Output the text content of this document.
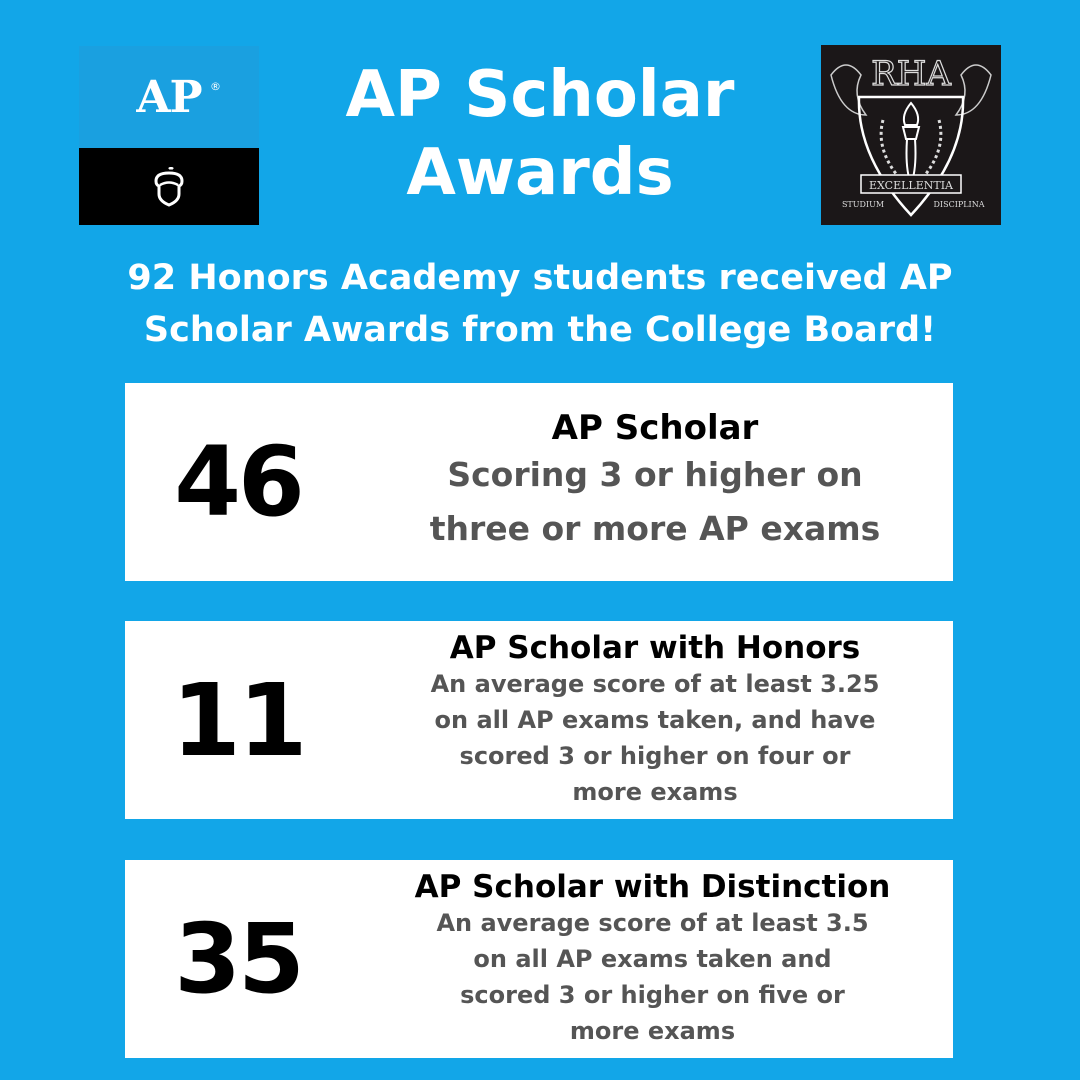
AP ®	AP Scholar Awards
RHA
EXCELLENTIA
STUDIUM	DISCIPLINA
92 Honors Academy students received AP
Scholar Awards from the College Board!
46	AP Scholar
Scoring 3 or higher on
three or more AP exams
11
AP Scholar with Honors
An average score of at least 3.25
on all AP exams taken, and have
scored 3 or higher on four or
more exams
35
AP Scholar with Distinction
An average score of at least 3.5
on all AP exams taken and
scored 3 or higher on five or
more exams
